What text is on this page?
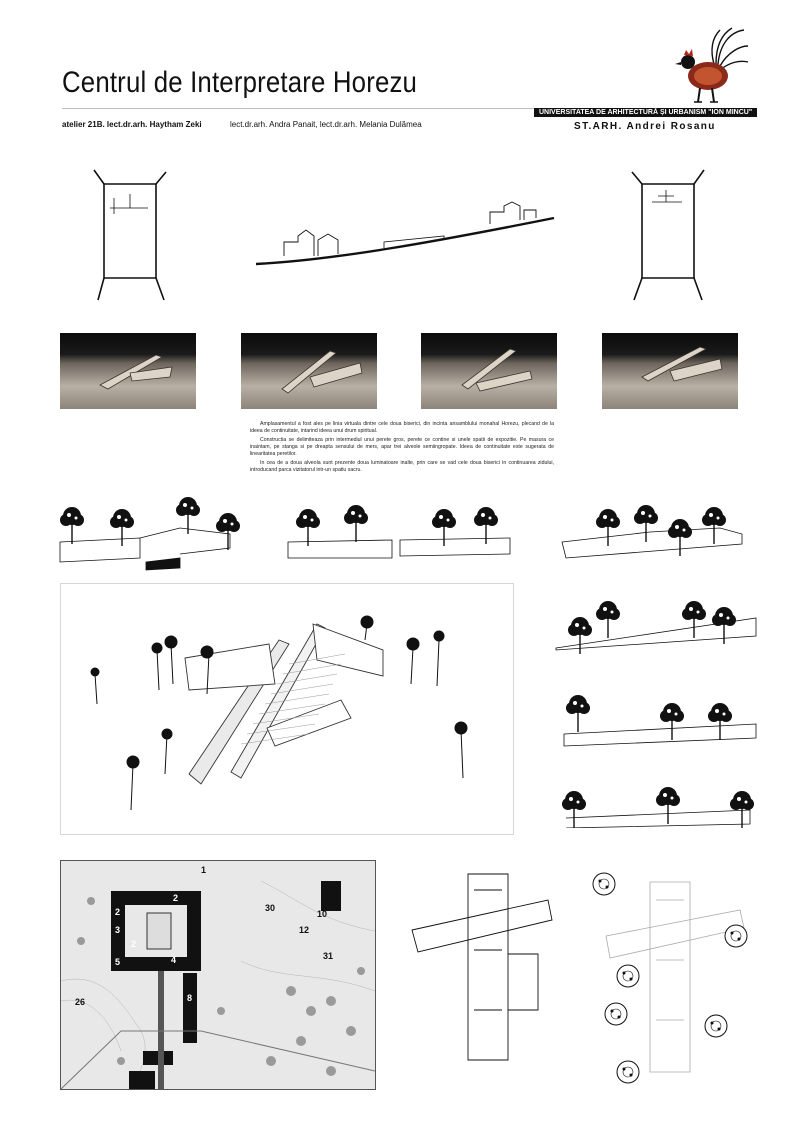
Centrul de Interpretare Horezu
atelier 21B. lect.dr.arh. Haytham Zeki	lect.dr.arh. Andra Panait, lect.dr.arh. Melania Dulămea
UNIVERSITATEA DE ARHITECTURĂ ȘI URBANISM "ION MINCU"
ST.ARH. Andrei Rosanu

Amplasamentul a fost ales pe linia virtuala dintre cele doua biserici, din incinta ansamblului monahal Horezu, plecand de la ideea de continuitate, intarind ideea unui drum spiritual.

Constructia se delimiteaza prin intermediul unui perete gros, perete ce contine si unele spatii de expozitie. Pe masura ce inaintam, pe stanga si pe dreapta sensului de mers, apar trei alveole semiingropate. Ideea de continuitate este sugerata de linearitatea peretilor.

In cea de a doua alveola sunt prezente doua luminatoare inalte, prin care se vad cele doua biserici in continuarea zidului, introducand parca vizitatorul intr-un spatiu sacru.

1
2
2
3
4
5
2
7
8
10
12
26
30
31
